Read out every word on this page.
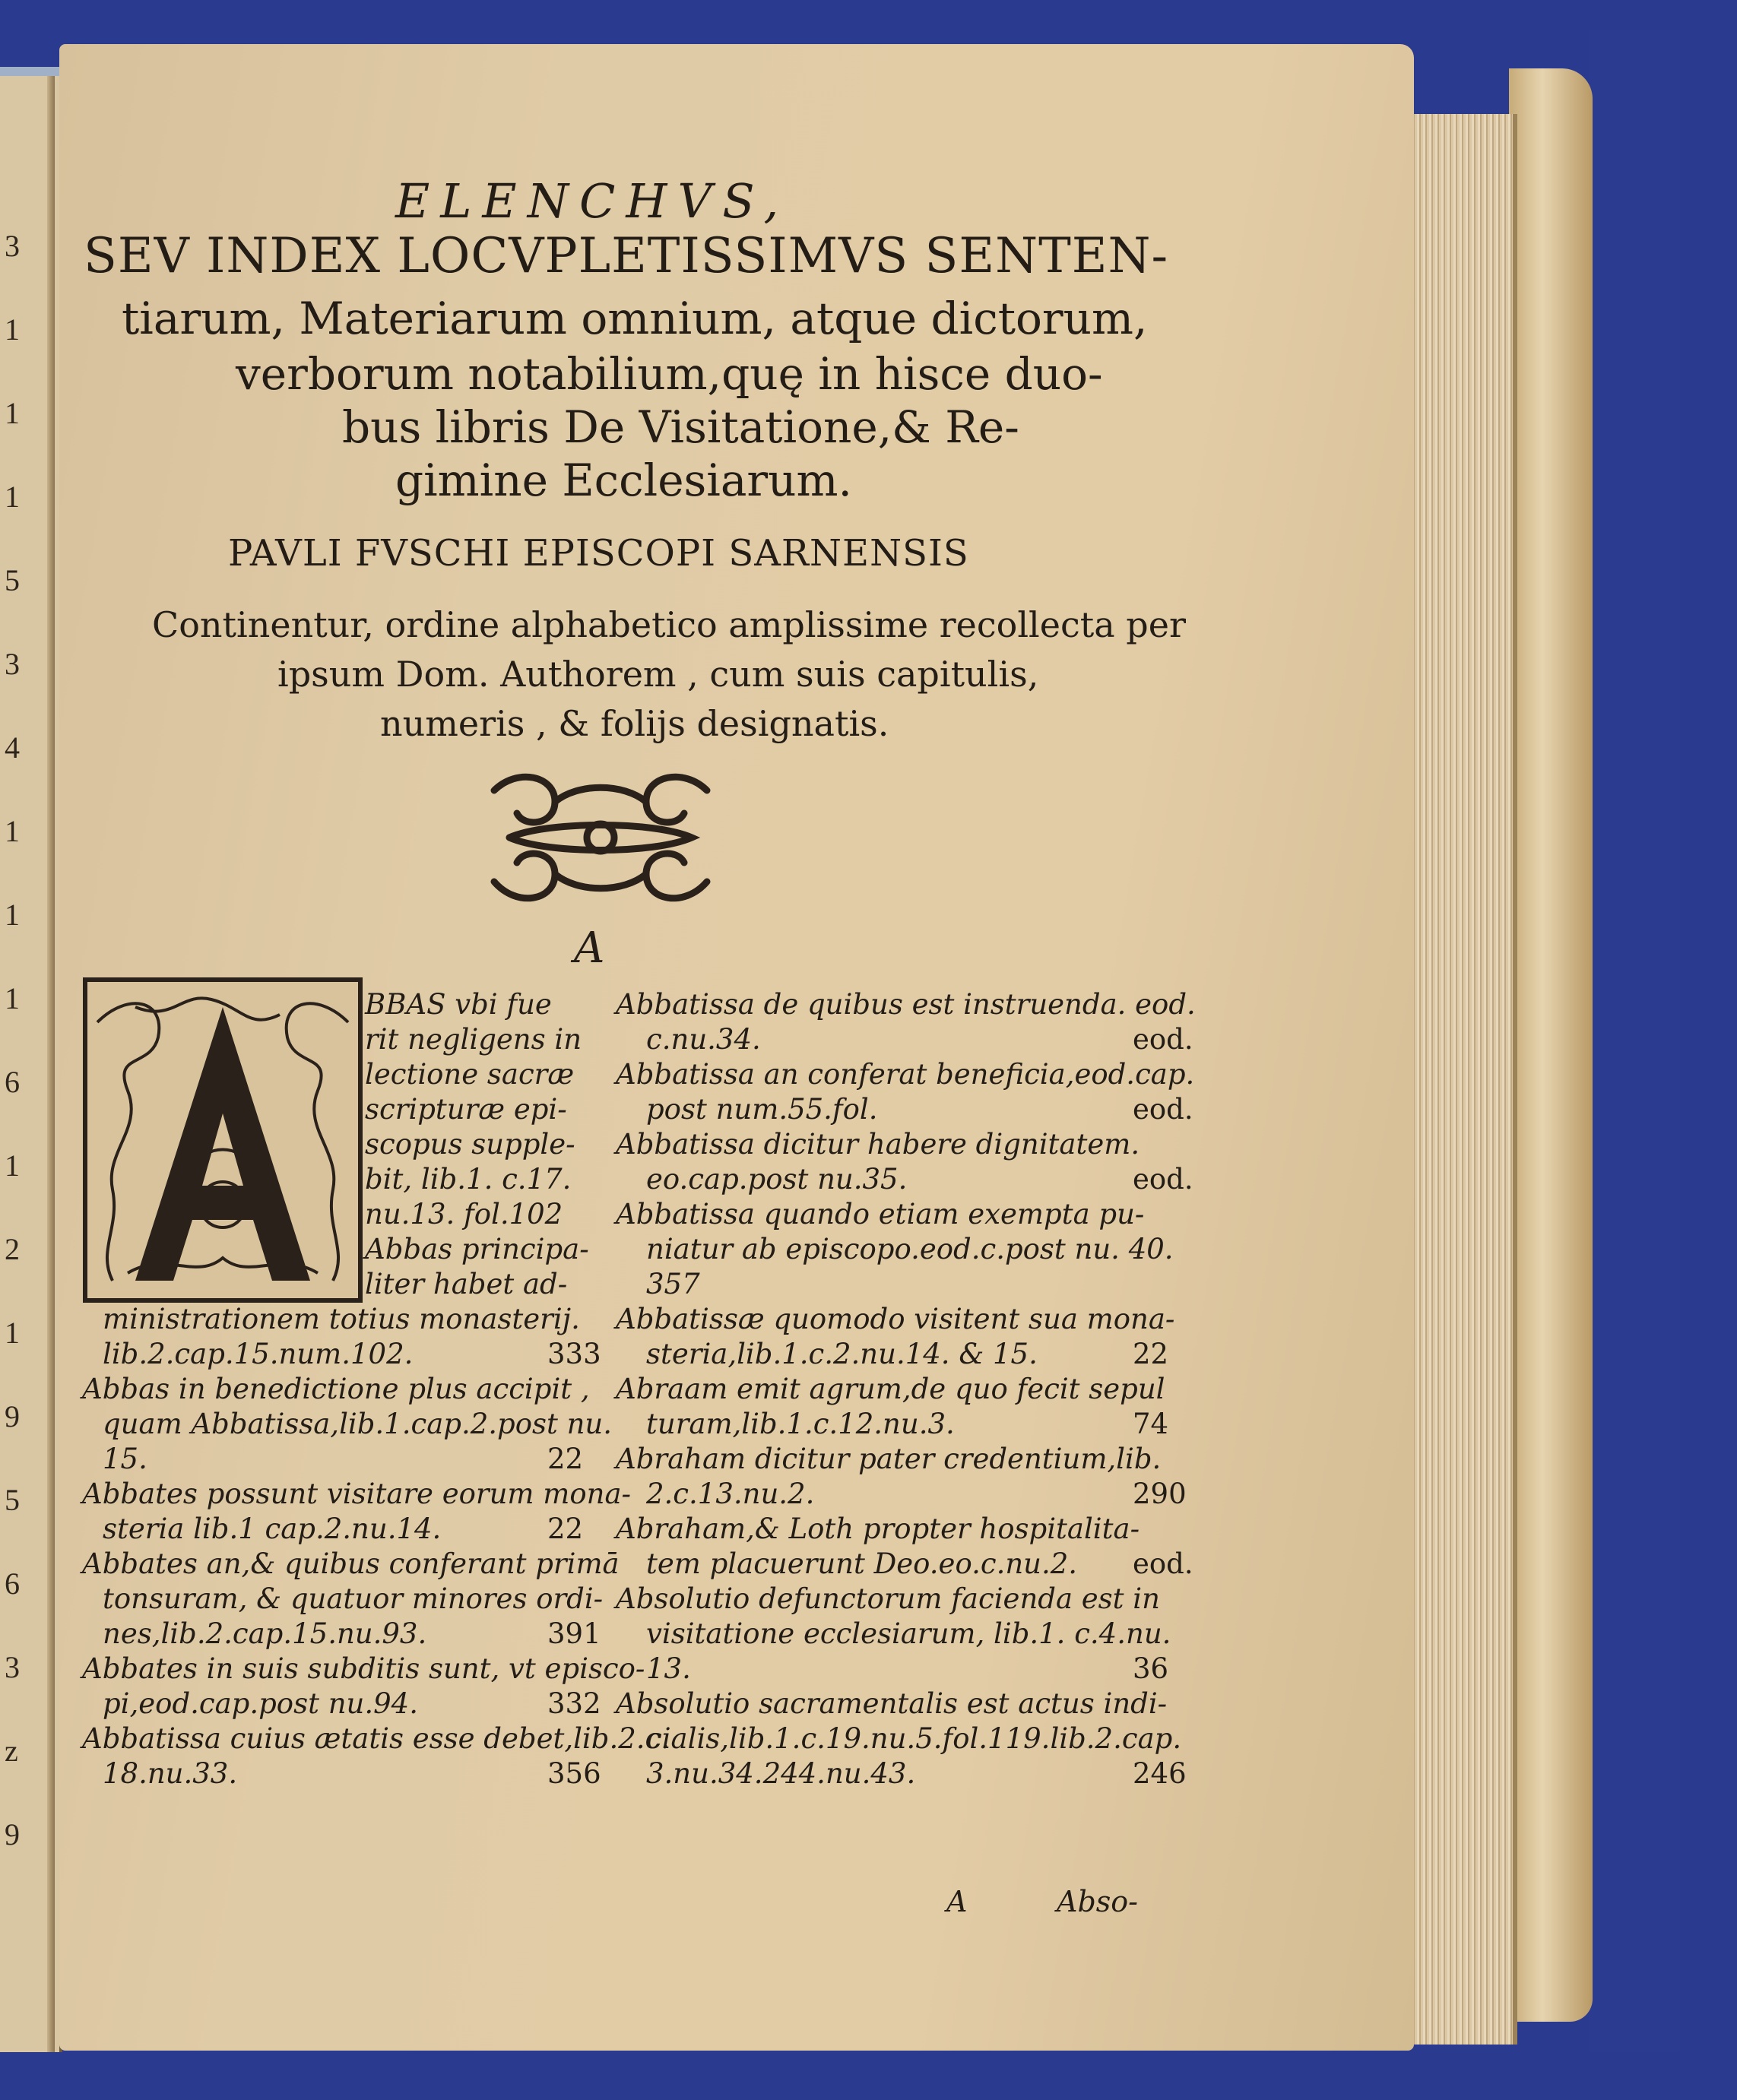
3
1
1
1
5
3
4
1
1
1
6
1
2
1
9
5
6
3
z
9
ELENCHVS,
SEV INDEX LOCVPLETISSIMVS SENTEN-
tiarum, Materiarum omnium, atque dictorum,
verborum notabilium,quę in hisce duo-
bus libris De Visitatione,& Re-
gimine Ecclesiarum.
PAVLI FVSCHI EPISCOPI SARNENSIS
Continentur, ordine alphabetico amplissime recollecta per
ipsum Dom. Authorem , cum suis capitulis,
numeris , & folijs designatis.
A
BBAS vbi fue
rit negligens in
lectione sacræ
scripturæ epi-
scopus supple-
bit, lib.1. c.17.
nu.13. fol.102
Abbas principa-
liter habet ad-
ministrationem totius monasterij.
lib.2.cap.15.num.102.	333
Abbas in benedictione plus accipit ,
quam Abbatissa,lib.1.cap.2.post nu.
15.	22
Abbates possunt visitare eorum mona-
steria lib.1 cap.2.nu.14.	22
Abbates an,& quibus conferant primā
tonsuram, & quatuor minores ordi-
nes,lib.2.cap.15.nu.93.	391
Abbates in suis subditis sunt, vt episco-
pi,eod.cap.post nu.94.	332
Abbatissa cuius ætatis esse debet,lib.2.c.
18.nu.33.	356
Abbatissa de quibus est instruenda. eod.
c.nu.34.	eod.
Abbatissa an conferat beneficia,eod.cap.
post num.55.fol.	eod.
Abbatissa dicitur habere dignitatem.
eo.cap.post nu.35.	eod.
Abbatissa quando etiam exempta pu-
niatur ab episcopo.eod.c.post nu. 40.
357
Abbatissæ quomodo visitent sua mona-
steria,lib.1.c.2.nu.14. & 15.	22
Abraam emit agrum,de quo fecit sepul
turam,lib.1.c.12.nu.3.	74
Abraham dicitur pater credentium,lib.
2.c.13.nu.2.	290
Abraham,& Loth propter hospitalita-
tem placuerunt Deo.eo.c.nu.2. eod.
Absolutio defunctorum facienda est in
visitatione ecclesiarum, lib.1. c.4.nu.
13.	36
Absolutio sacramentalis est actus indi-
cialis,lib.1.c.19.nu.5.fol.119.lib.2.cap.
3.nu.34.244.nu.43.	246
A	Abso-
